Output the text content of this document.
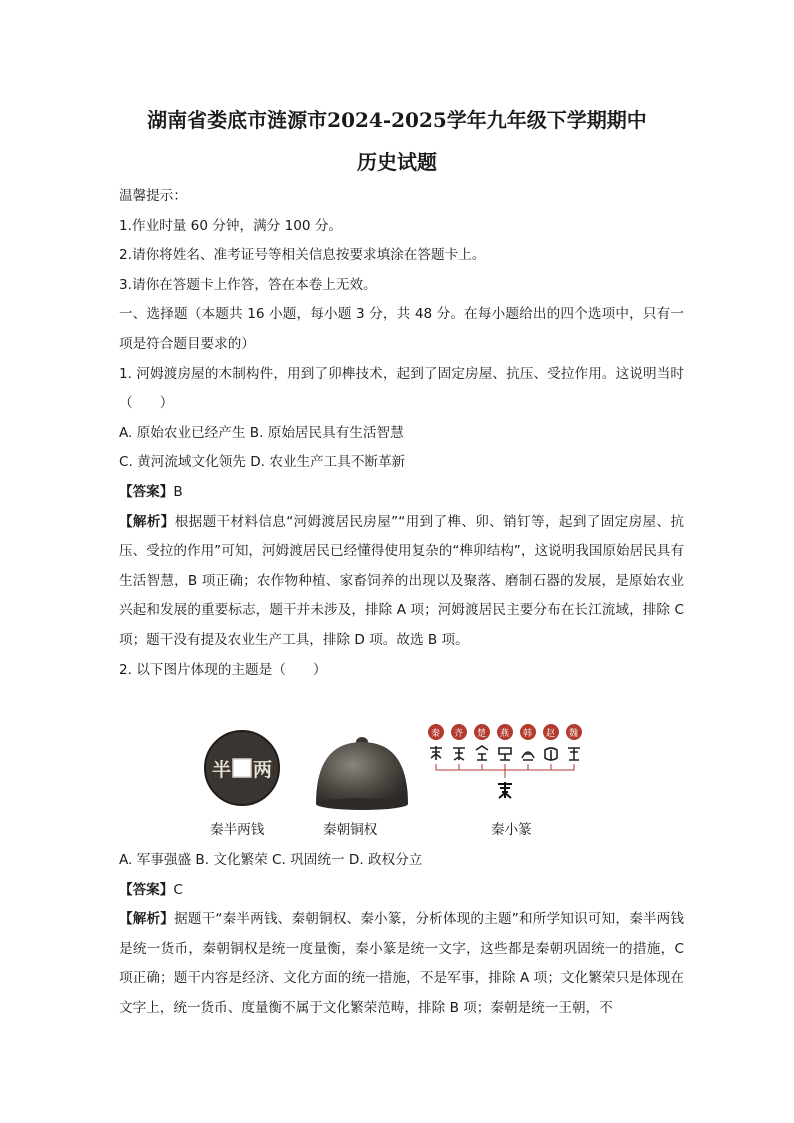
湖南省娄底市涟源市2024-2025学年九年级下学期期中
历史试题

温馨提示：

1.作业时量 60 分钟，满分 100 分。

2.请你将姓名、准考证号等相关信息按要求填涂在答题卡上。

3.请你在答题卡上作答，答在本卷上无效。

一、选择题（本题共 16 小题，每小题 3 分，共 48 分。在每小题给出的四个选项中，只有一项是符合题目要求的）

1. 河姆渡房屋的木制构件，用到了卯榫技术，起到了固定房屋、抗压、受拉作用。这说明当时（　　）

A. 原始农业已经产生 B. 原始居民具有生活智慧

C. 黄河流域文化领先 D. 农业生产工具不断革新

【答案】B

【解析】根据题干材料信息“河姆渡居民房屋”“用到了榫、卯、销钉等，起到了固定房屋、抗压、受拉的作用”可知，河姆渡居民已经懂得使用复杂的“榫卯结构”，这说明我国原始居民具有生活智慧，B 项正确；农作物种植、家畜饲养的出现以及聚落、磨制石器的发展，是原始农业兴起和发展的重要标志，题干并未涉及，排除 A 项；河姆渡居民主要分布在长江流域，排除 C 项；题干没有提及农业生产工具，排除 D 项。故选 B 项。

2. 以下图片体现的主题是（　　）

半 两
秦 齐 楚 燕 韩 赵 魏
秦半两钱	秦朝铜权	秦小篆

A. 军事强盛 B. 文化繁荣 C. 巩固统一 D. 政权分立

【答案】C

【解析】据题干“秦半两钱、秦朝铜权、秦小篆，分析体现的主题”和所学知识可知，秦半两钱是统一货币，秦朝铜权是统一度量衡，秦小篆是统一文字，这些都是秦朝巩固统一的措施，C 项正确；题干内容是经济、文化方面的统一措施，不是军事，排除 A 项；文化繁荣只是体现在文字上，统一货币、度量衡不属于文化繁荣范畴，排除 B 项；秦朝是统一王朝，不
